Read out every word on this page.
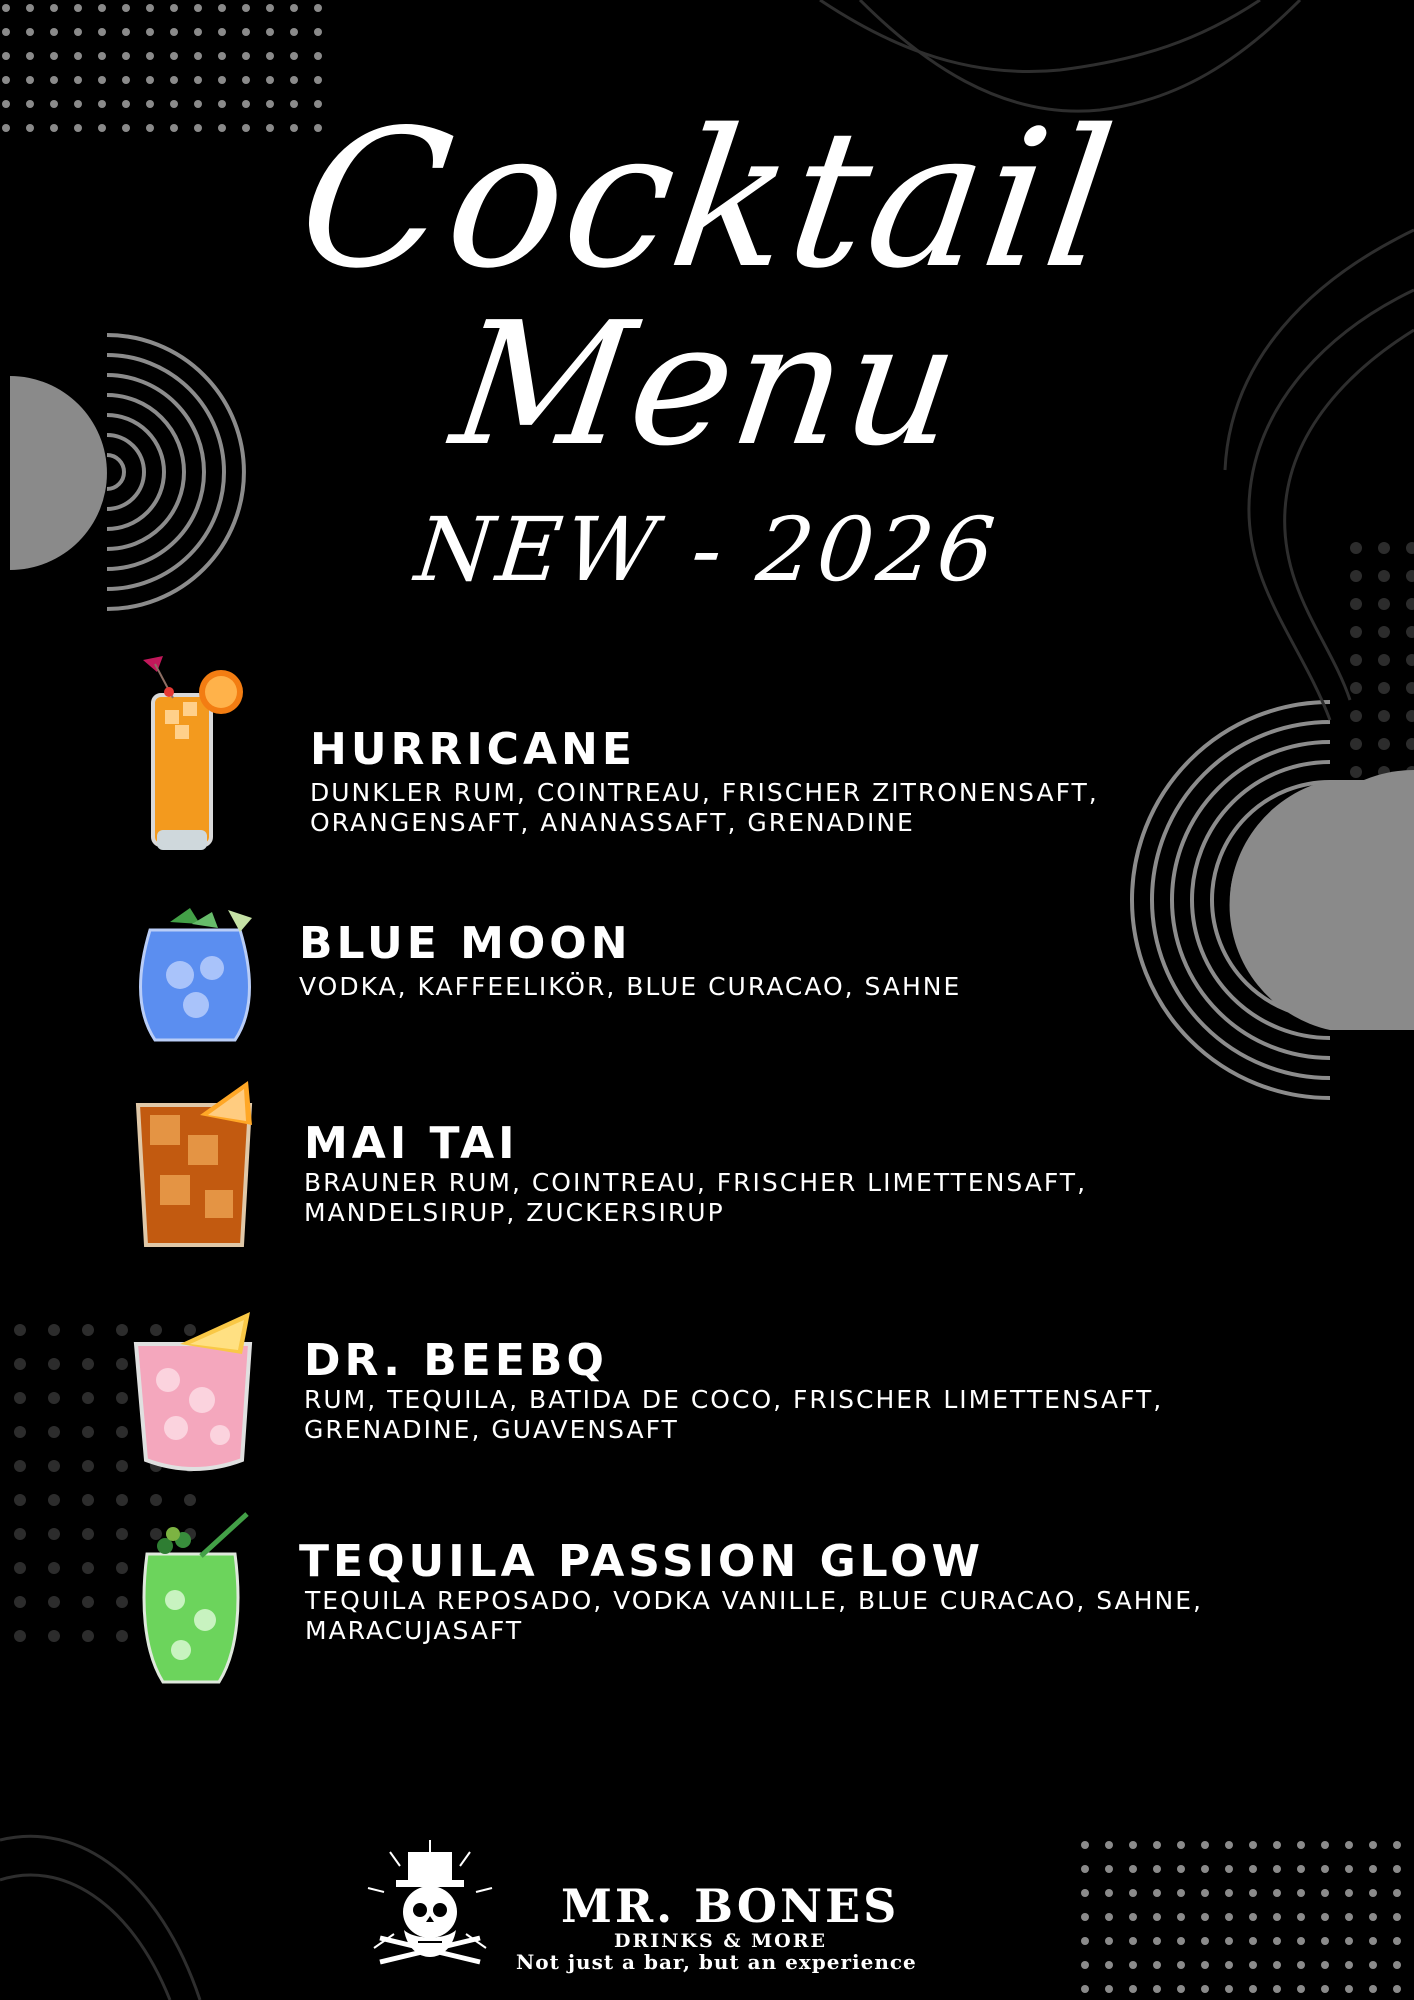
Cocktail
Menu
NEW - 2026
HURRICANE
DUNKLER RUM, COINTREAU, FRISCHER ZITRONENSAFT,
ORANGENSAFT, ANANASSAFT, GRENADINE
BLUE MOON
VODKA, KAFFEELIKÖR, BLUE CURACAO, SAHNE
MAI TAI
BRAUNER RUM, COINTREAU, FRISCHER LIMETTENSAFT,
MANDELSIRUP, ZUCKERSIRUP
DR. BEEBQ
RUM, TEQUILA, BATIDA DE COCO, FRISCHER LIMETTENSAFT,
GRENADINE, GUAVENSAFT
TEQUILA PASSION GLOW
TEQUILA REPOSADO, VODKA VANILLE, BLUE CURACAO, SAHNE,
MARACUJASAFT
MR. BONES
DRINKS & MORE
Not just a bar, but an experience
